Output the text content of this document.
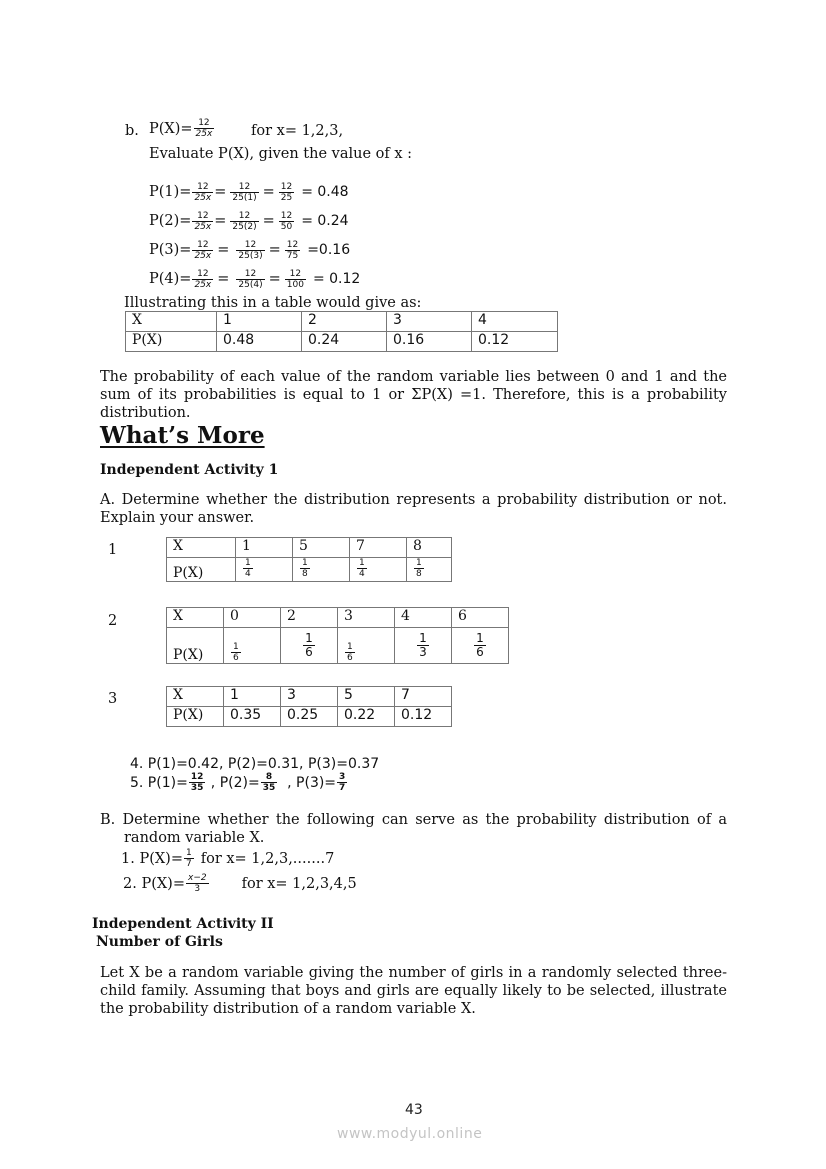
b. $P(X)= \frac{12}{25x}$	for x= 1,2,3,
Evaluate P(X), given the value of x :
$P(1)= \frac{12}{25x} = \frac{12}{25(1)} = \frac{12}{25} = 0.48$
$P(2)= \frac{12}{25x} = \frac{12}{25(2)} = \frac{12}{50} = 0.24$
$P(3)= \frac{12}{25x} = \frac{12}{25(3)} = \frac{12}{75} =0.16$
$P(4)= \frac{12}{25x} = \frac{12}{25(4)} = \frac{12}{100} = 0.12$
Illustrating this in a table would give as:
X	1	2	3	4
P(X)	0.48	0.24	0.16	0.12
The probability of each value of the random variable lies between 0 and 1 and the sum of its probabilities is equal to 1 or ΣP(X) =1. Therefore, this is a probability distribution.
What’s More
Independent Activity 1
A. Determine whether the distribution represents a probability distribution or not. Explain your answer.
1	X	1	5	7	8
P(X)	$\frac{1}{4}$	$\frac{1}{8}$	$\frac{1}{4}$	$\frac{1}{8}$
2	X	0	2	3	4	6
P(X)	$\frac{1}{6}$	$\frac{1}{6}$	$\frac{1}{6}$	$\frac{1}{3}$	$\frac{1}{6}$
3	X	1	3	5	7
P(X)	0.35	0.25	0.22	0.12
4. P(1)=0.42, P(2)=0.31, P(3)=0.37
5. $P(1)= \frac{12}{35}$ , $P(2)= \frac{8}{35}$ , $P(3)= \frac{3}{7}$
B. Determine whether the following can serve as the probability distribution of a random variable X.
1. $P(X)= \frac{1}{7}$ for x= 1,2,3,.......7
2. $P(X)= \frac{x-2}{3}$ for x= 1,2,3,4,5
Independent Activity II
Number of Girls
Let X be a random variable giving the number of girls in a randomly selected three-child family. Assuming that boys and girls are equally likely to be selected, illustrate the probability distribution of a random variable X.
43
www.modyul.online
